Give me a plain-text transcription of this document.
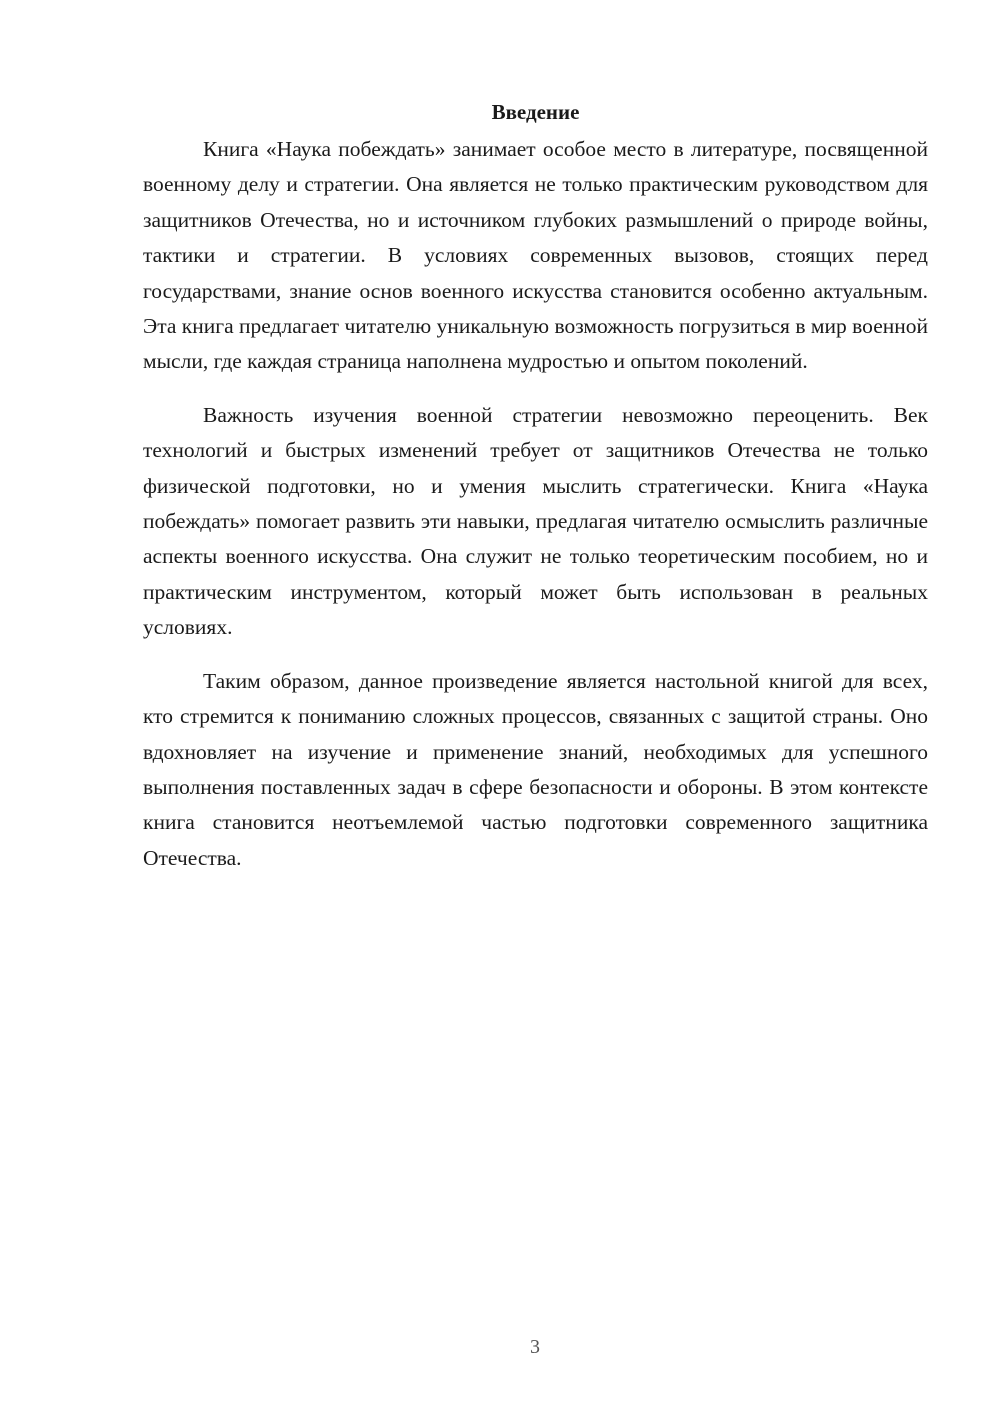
Введение

Книга «Наука побеждать» занимает особое место в литературе, посвященной военному делу и стратегии. Она является не только практическим руководством для защитников Отечества, но и источником глубоких размышлений о природе войны, тактики и стратегии. В условиях современных вызовов, стоящих перед государствами, знание основ военного искусства становится особенно актуальным. Эта книга предлагает читателю уникальную возможность погрузиться в мир военной мысли, где каждая страница наполнена мудростью и опытом поколений.

Важность изучения военной стратегии невозможно переоценить. Век технологий и быстрых изменений требует от защитников Отечества не только физической подготовки, но и умения мыслить стратегически. Книга «Наука побеждать» помогает развить эти навыки, предлагая читателю осмыслить различные аспекты военного искусства. Она служит не только теоретическим пособием, но и практическим инструментом, который может быть использован в реальных условиях.

Таким образом, данное произведение является настольной книгой для всех, кто стремится к пониманию сложных процессов, связанных с защитой страны. Оно вдохновляет на изучение и применение знаний, необходимых для успешного выполнения поставленных задач в сфере безопасности и обороны. В этом контексте книга становится неотъемлемой частью подготовки современного защитника Отечества.

3
